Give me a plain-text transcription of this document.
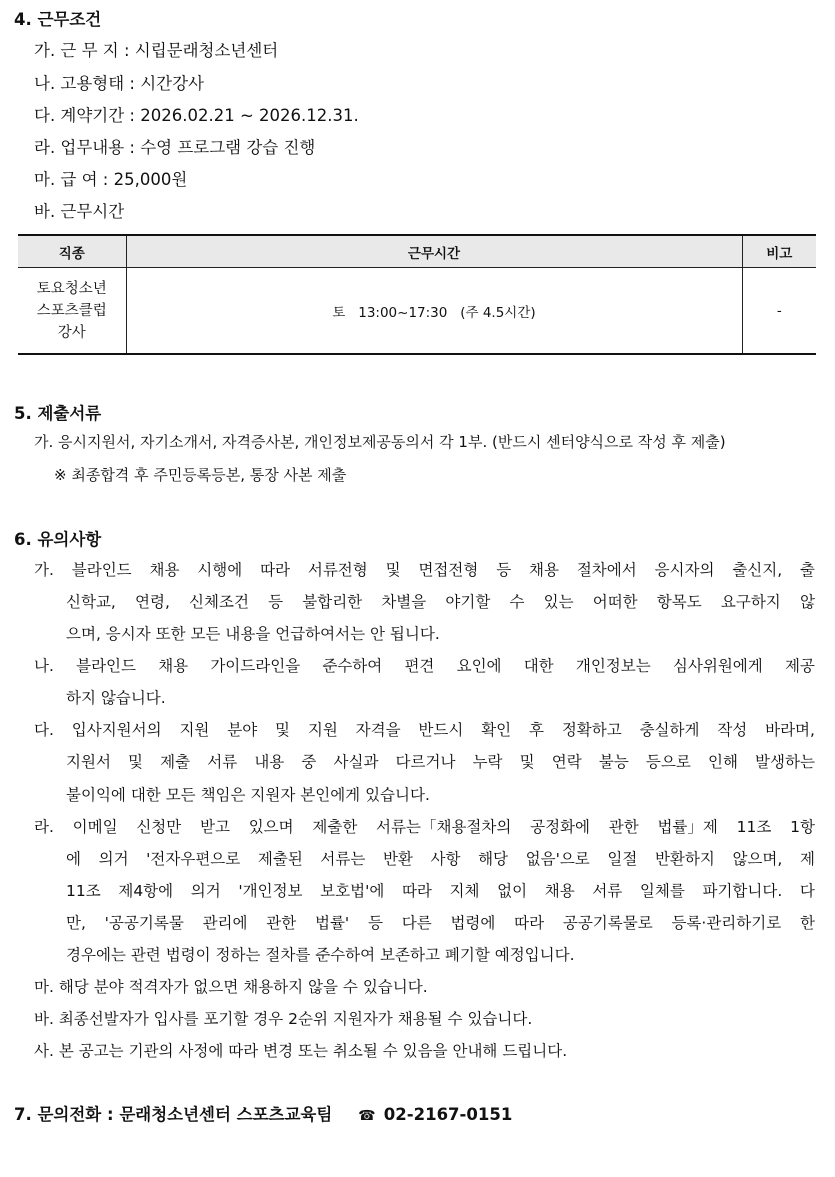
4. 근무조건
가. 근 무 지 : 시립문래청소년센터
나. 고용형태 : 시간강사
다. 계약기간 : 2026.02.21 ~ 2026.12.31.
라. 업무내용 : 수영 프로그램 강습 진행
마. 급 여 : 25,000원
바. 근무시간
직종	근무시간	비고

토요청소년
스포츠클럽
강사	토   13:00~17:30   (주 4.5시간)	-
5. 제출서류
가. 응시지원서, 자기소개서, 자격증사본, 개인정보제공동의서 각 1부. (반드시 센터양식으로 작성 후 제출)
※ 최종합격 후 주민등록등본, 통장 사본 제출
6. 유의사항
가. 블라인드 채용 시행에 따라 서류전형 및 면접전형 등 채용 절차에서 응시자의 출신지, 출
신학교, 연령, 신체조건 등 불합리한 차별을 야기할 수 있는 어떠한 항목도 요구하지 않
으며, 응시자 또한 모든 내용을 언급하여서는 안 됩니다.
나. 블라인드 채용 가이드라인을 준수하여 편견 요인에 대한 개인정보는 심사위원에게 제공
하지 않습니다.
다. 입사지원서의 지원 분야 및 지원 자격을 반드시 확인 후 정확하고 충실하게 작성 바라며,
지원서 및 제출 서류 내용 중 사실과 다르거나 누락 및 연락 불능 등으로 인해 발생하는
불이익에 대한 모든 책임은 지원자 본인에게 있습니다.
라. 이메일 신청만 받고 있으며 제출한 서류는「채용절차의 공정화에 관한 법률」제 11조 1항
에 의거 '전자우편으로 제출된 서류는 반환 사항 해당 없음'으로 일절 반환하지 않으며, 제
11조 제4항에 의거 '개인정보 보호법'에 따라 지체 없이 채용 서류 일체를 파기합니다. 다
만, '공공기록물 관리에 관한 법률' 등 다른 법령에 따라 공공기록물로 등록·관리하기로 한
경우에는 관련 법령이 정하는 절차를 준수하여 보존하고 폐기할 예정입니다.
마. 해당 분야 적격자가 없으면 채용하지 않을 수 있습니다.
바. 최종선발자가 입사를 포기할 경우 2순위 지원자가 채용될 수 있습니다.
사. 본 공고는 기관의 사정에 따라 변경 또는 취소될 수 있음을 안내해 드립니다.
7. 문의전화 : 문래청소년센터 스포츠교육팀 ☎ 02-2167-0151
